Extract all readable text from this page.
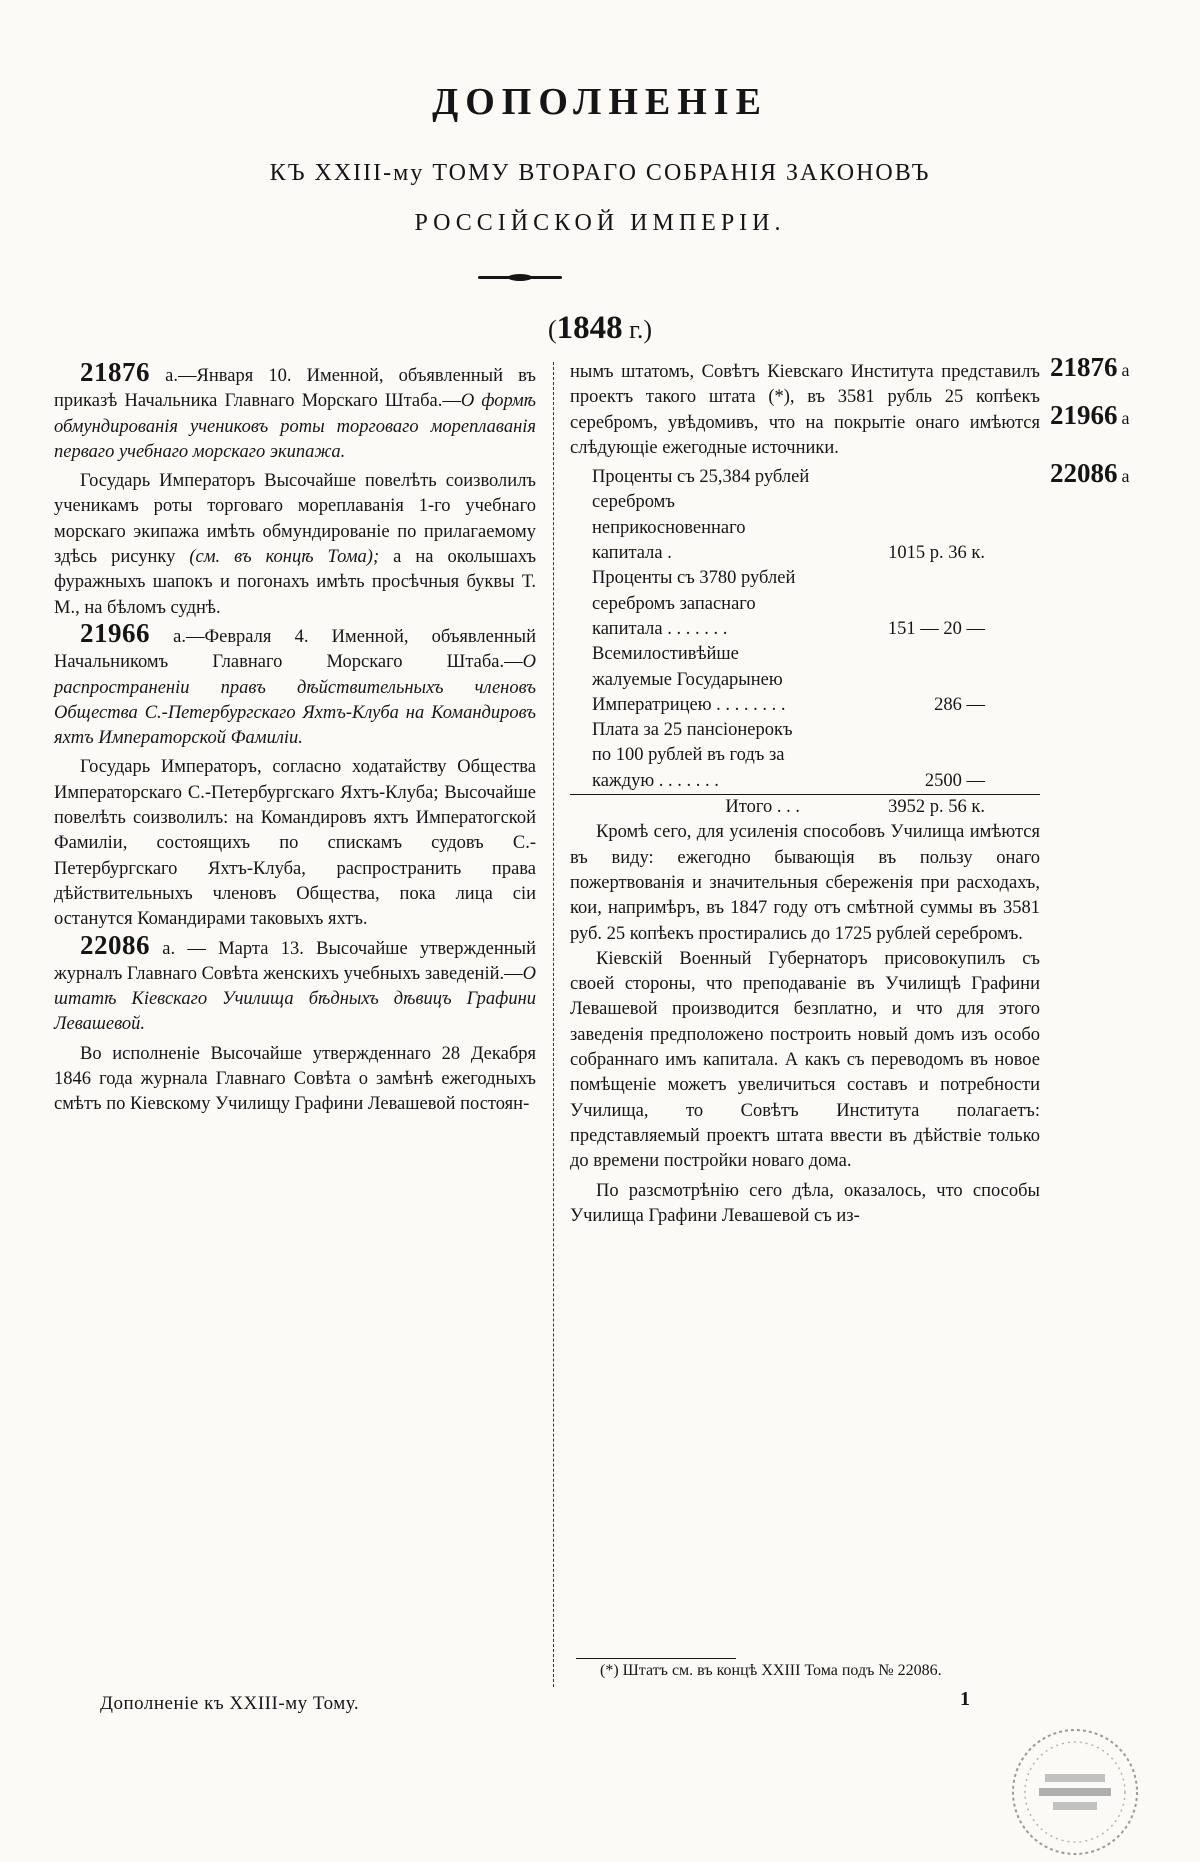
ДОПОЛНЕНІЕ
КЪ XXIII-му ТОМУ ВТОРАГО СОБРАНІЯ ЗАКОНОВЪ
РОССІЙСКОЙ ИМПЕРІИ.
(1848 г.)

21876 а.—Января 10. Именной, объявленный въ приказѣ Начальника Главнаго Морскаго Штаба.—О формѣ обмундированія учениковъ роты торговаго мореплаванія перваго учебнаго морскаго экипажа.

Государь Императоръ Высочайше повелѣть соизволилъ ученикамъ роты торговаго мореплаванія 1-го учебнаго морскаго экипажа имѣть обмундированіе по прилагаемому здѣсь рисунку (см. въ концѣ Тома); а на околышахъ фуражныхъ шапокъ и погонахъ имѣть просѣчныя буквы Т. М., на бѣломъ суднѣ.

21966 а.—Февраля 4. Именной, объявленный Начальникомъ Главнаго Морскаго Штаба.—О распространеніи правъ дѣйствительныхъ членовъ Общества С.-Петербургскаго Яхтъ-Клуба на Командировъ яхтъ Императорской Фамиліи.

Государь Императоръ, согласно ходатайству Общества Императорскаго С.-Петербургскаго Яхтъ-Клуба; Высочайше повелѣть соизволилъ: на Командировъ яхтъ Импeратогской Фамиліи, состоящихъ по спискамъ судовъ С.-Петербургскаго Яхтъ-Клуба, распространить права дѣйствительныхъ членовъ Общества, пока лица сіи останутся Командирами таковыхъ яхтъ.

22086 а. — Марта 13. Высочайше утвержденный журналъ Главнаго Совѣта женскихъ учебныхъ заведеній.—О штатѣ Кіевскаго Училища бѣдныхъ дѣвицъ Графини Левашевой.

Во исполненіе Высочайше утвержденнаго 28 Декабря 1846 года журнала Главнаго Совѣта о замѣнѣ ежегодныхъ смѣтъ по Кіевскому Училищу Графини Левашевой постоян-

нымъ штатомъ, Совѣтъ Кіевскаго Института представилъ проектъ такого штата (*), въ 3581 рубль 25 копѣекъ серебромъ, увѣдомивъ, что на покрытіе онаго имѣются слѣдующіе ежегодные источники.

Проценты съ 25,384 рублей серебромъ неприкосновеннаго капитала .	1015 р. 36 к.
Проценты съ 3780 рублей серебромъ запаснаго капитала . . . . . . .	151 — 20 —
Всемилостивѣйше жалуемые Государынею Императрицею . . . . . . . .	286 —
Плата за 25 пансіонерокъ по 100 рублей въ годъ за каждую . . . . . . .	2500 —
Итого . . .	3952 р. 56 к.

Кромѣ сего, для усиленія способовъ Училища имѣются въ виду: ежегодно бывающія въ пользу онаго пожертвованія и значительныя сбереженія при расходахъ, кои, напримѣръ, въ 1847 году отъ смѣтной суммы въ 3581 руб. 25 копѣекъ простирались до 1725 рублей серебромъ.

Кіевскій Военный Губернаторъ присовокупилъ съ своей стороны, что преподаваніе въ Училищѣ Графини Левашевой производится безплатно, и что для этого заведенія предположено построить новый домъ изъ особо собраннаго имъ капитала. А какъ съ переводомъ въ новое помѣщеніе можетъ увеличиться составъ и потребности Училища, то Совѣтъ Института полагаетъ: представляемый проектъ штата ввести въ дѣйствіе только до времени постройки новаго дома.

По разсмотрѣнію сего дѣла, оказалось, что способы Училища Графини Левашевой съ из-

21876 а
21966 а
22086 а
(*) Штатъ см. въ концѣ XXIII Тома подъ № 22086.
1
Дополненіе къ XXIII-му Тому.
